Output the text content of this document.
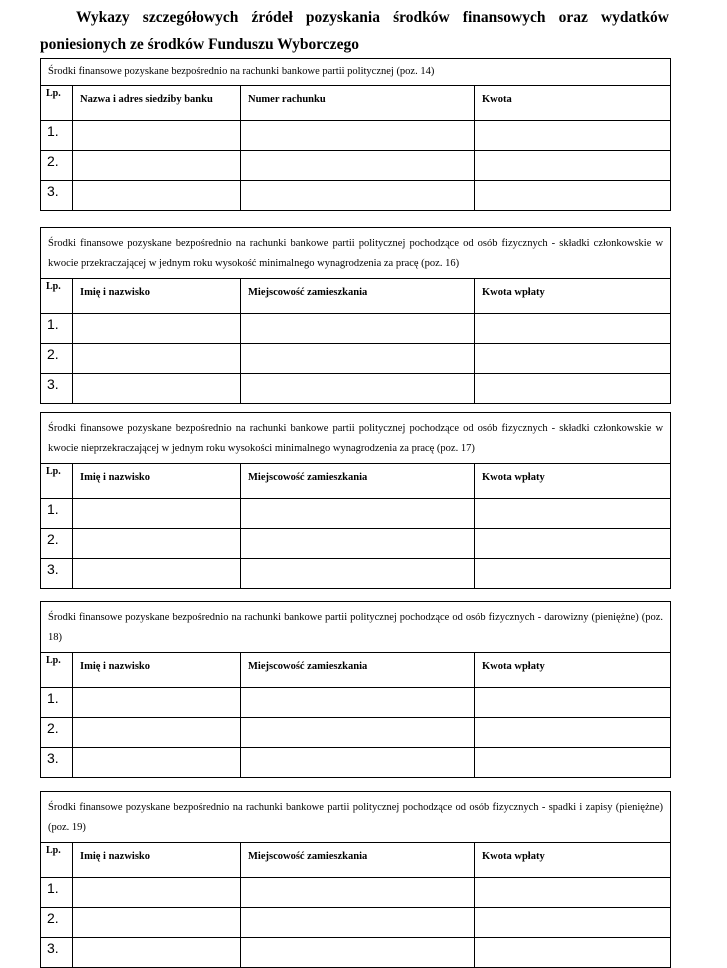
Wykazy szczegółowych źródeł pozyskania środków finansowych oraz wydatków poniesionych ze środków Funduszu Wyborczego
Środki finansowe pozyskane bezpośrednio na rachunki bankowe partii politycznej (poz. 14)			
Lp.	Nazwa i adres siedziby banku	Numer rachunku	Kwota
1.			
2.			
3.			
Środki finansowe pozyskane bezpośrednio na rachunki bankowe partii politycznej pochodzące od osób fizycznych - składki członkowskie w kwocie przekraczającej w jednym roku wysokość minimalnego wynagrodzenia za pracę (poz. 16)			
Lp.	Imię i nazwisko	Miejscowość zamieszkania	Kwota wpłaty
1.			
2.			
3.			
Środki finansowe pozyskane bezpośrednio na rachunki bankowe partii politycznej pochodzące od osób fizycznych - składki członkowskie w kwocie nieprzekraczającej w jednym roku wysokości minimalnego wynagrodzenia za pracę (poz. 17)			
Lp.	Imię i nazwisko	Miejscowość zamieszkania	Kwota wpłaty
1.			
2.			
3.			
Środki finansowe pozyskane bezpośrednio na rachunki bankowe partii politycznej pochodzące od osób fizycznych - darowizny (pieniężne) (poz. 18)			
Lp.	Imię i nazwisko	Miejscowość zamieszkania	Kwota wpłaty
1.			
2.			
3.			
Środki finansowe pozyskane bezpośrednio na rachunki bankowe partii politycznej pochodzące od osób fizycznych - spadki i zapisy (pieniężne) (poz. 19)			
Lp.	Imię i nazwisko	Miejscowość zamieszkania	Kwota wpłaty
1.			
2.			
3.			
